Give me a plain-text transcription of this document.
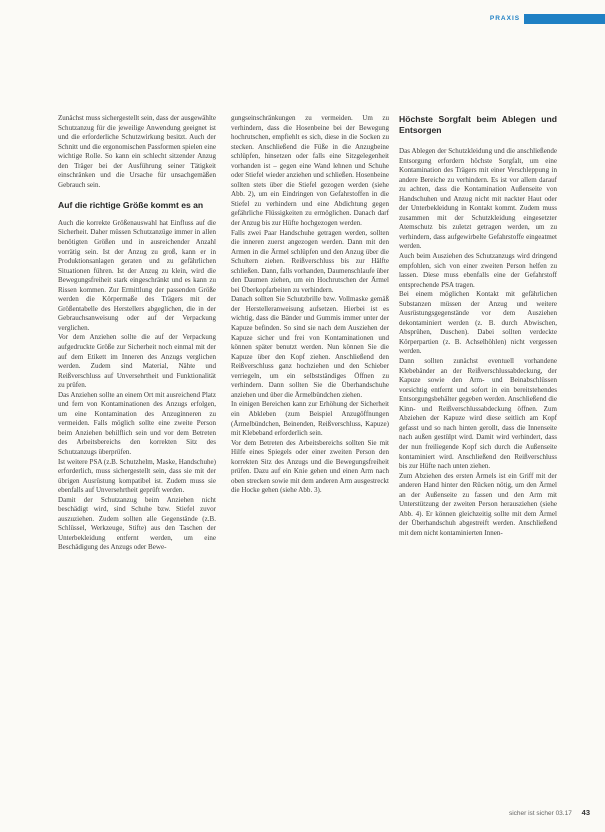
PRAXIS

Zunächst muss sichergestellt sein, dass der ausgewählte Schutzanzug für die jeweilige Anwendung geeignet ist und die erforderliche Schutzwirkung besitzt. Auch der Schnitt und die ergonomischen Passformen spielen eine wichtige Rolle. So kann ein schlecht sitzender Anzug den Träger bei der Ausführung seiner Tätigkeit einschränken und die Ursache für unsachgemäßen Gebrauch sein.

Auf die richtige Größe kommt es an

Auch die korrekte Größenauswahl hat Einfluss auf die Sicherheit. Daher müssen Schutzanzüge immer in allen benötigten Größen und in ausreichender Anzahl vorrätig sein. Ist der Anzug zu groß, kann er in Produktionsanlagen geraten und zu gefährlichen Situationen führen. Ist der Anzug zu klein, wird die Bewegungsfreiheit stark eingeschränkt und es kann zu Rissen kommen. Zur Ermittlung der passenden Größe werden die Körpermaße des Trägers mit der Größentabelle des Herstellers abgeglichen, die in der Gebrauchsanweisung oder auf der Verpackung verglichen.

Vor dem Anziehen sollte die auf der Verpackung aufgedruckte Größe zur Sicherheit noch einmal mit der auf dem Etikett im Inneren des Anzugs verglichen werden. Zudem sind Material, Nähte und Reißverschluss auf Unversehrtheit und Funktionalität zu prüfen.

Das Anziehen sollte an einem Ort mit ausreichend Platz und fern von Kontaminationen des Anzugs erfolgen, um eine Kontamination des Anzuginneren zu vermeiden. Falls möglich sollte eine zweite Person beim Anziehen behilflich sein und vor dem Betreten des Arbeitsbereichs den korrekten Sitz des Schutzanzugs überprüfen.

Ist weitere PSA (z.B. Schutzhelm, Maske, Handschuhe) erforderlich, muss sichergestellt sein, dass sie mit der übrigen Ausrüstung kompatibel ist. Zudem muss sie ebenfalls auf Unversehrtheit geprüft werden.

Damit der Schutzanzug beim Anziehen nicht beschädigt wird, sind Schuhe bzw. Stiefel zuvor auszuziehen. Zudem sollten alle Gegenstände (z.B. Schlüssel, Werkzeuge, Stifte) aus den Taschen der Unterbekleidung entfernt werden, um eine Beschädigung des Anzugs oder Bewe-

gungseinschränkungen zu vermeiden. Um zu verhindern, dass die Hosenbeine bei der Bewegung hochrutschen, empfiehlt es sich, diese in die Socken zu stecken. Anschließend die Füße in die Anzugbeine schlüpfen, hinsetzen oder falls eine Sitzgelegenheit vorhanden ist – gegen eine Wand lehnen und Schuhe oder Stiefel wieder anziehen und schließen. Hosenbeine sollten stets über die Stiefel gezogen werden (siehe Abb. 2), um ein Eindringen von Gefahrstoffen in die Stiefel zu verhindern und eine Abdichtung gegen gefährliche Flüssigkeiten zu ermöglichen. Danach darf der Anzug bis zur Hüfte hochgezogen werden.

Falls zwei Paar Handschuhe getragen werden, sollten die inneren zuerst angezogen werden. Dann mit den Armen in die Ärmel schlüpfen und den Anzug über die Schultern ziehen. Reißverschluss bis zur Hälfte schließen. Dann, falls vorhanden, Daumenschlaufe über den Daumen ziehen, um ein Hochrutschen der Ärmel bei Überkopfarbeiten zu verhindern.

Danach sollten Sie Schutzbrille bzw. Vollmaske gemäß der Herstelleranweisung aufsetzen. Hierbei ist es wichtig, dass die Bänder und Gummis immer unter der Kapuze befinden. So sind sie nach dem Ausziehen der Kapuze sicher und frei von Kontaminationen und können später benutzt werden. Nun können Sie die Kapuze über den Kopf ziehen. Anschließend den Reißverschluss ganz hochziehen und den Schieber verriegeln, um ein selbstständiges Öffnen zu verhindern. Dann sollten Sie die Überhandschuhe anziehen und über die Ärmelbündchen ziehen.

In einigen Bereichen kann zur Erhöhung der Sicherheit ein Abkleben (zum Beispiel Anzugöffnungen (Ärmelbündchen, Beinenden, Reißverschluss, Kapuze) mit Klebeband erforderlich sein.

Vor dem Betreten des Arbeitsbereichs sollten Sie mit Hilfe eines Spiegels oder einer zweiten Person den korrekten Sitz des Anzugs und die Bewegungsfreiheit prüfen. Dazu auf ein Knie gehen und einen Arm nach oben strecken sowie mit dem anderen Arm ausgestreckt die Hocke gehen (siehe Abb. 3).

Höchste Sorgfalt beim Ablegen und Entsorgen

Das Ablegen der Schutzkleidung und die anschließende Entsorgung erfordern höchste Sorgfalt, um eine Kontamination des Trägers mit einer Verschleppung in andere Bereiche zu verhindern. Es ist vor allem darauf zu achten, dass die Kontamination Außenseite von Handschuhen und Anzug nicht mit nackter Haut oder der Unterbekleidung in Kontakt kommt. Zudem muss zusammen mit der Schutzkleidung eingesetzter Atemschutz bis zuletzt getragen werden, um zu verhindern, dass aufgewirbelte Gefahrstoffe eingeatmet werden.

Auch beim Ausziehen des Schutzanzugs wird dringend empfohlen, sich von einer zweiten Person helfen zu lassen. Diese muss ebenfalls eine der Gefahrstoff entsprechende PSA tragen.

Bei einem möglichen Kontakt mit gefährlichen Substanzen müssen der Anzug und weitere Ausrüstungsgegenstände vor dem Ausziehen dekontaminiert werden (z. B. durch Abwischen, Absprühen, Duschen). Dabei sollten verdeckte Körperpartien (z. B. Achselhöhlen) nicht vergessen werden.

Dann sollten zunächst eventuell vorhandene Klebebänder an der Reißverschlussabdeckung, der Kapuze sowie den Arm- und Beinabschlüssen vorsichtig entfernt und sofort in ein bereitstehendes Entsorgungsbehälter gegeben werden. Anschließend die Kinn- und Reißverschlussabdeckung öffnen. Zum Abziehen der Kapuze wird diese seitlich am Kopf gefasst und so nach hinten gerollt, dass die Innenseite nach außen gestülpt wird. Damit wird verhindert, dass der nun freiliegende Kopf sich durch die Außenseite kontaminiert wird. Anschließend den Reißverschluss bis zur Hüfte nach unten ziehen.

Zum Abziehen des ersten Ärmels ist ein Griff mit der anderen Hand hinter den Rücken nötig, um den Ärmel an der Außenseite zu fassen und den Arm mit Unterstützung der zweiten Person herausziehen (siehe Abb. 4). Er können gleichzeitig sollte mit dem Ärmel der Überhandschuh abgestreift werden. Anschließend mit dem nicht kontaminierten Innen-

sicher ist sicher 03.17 43
